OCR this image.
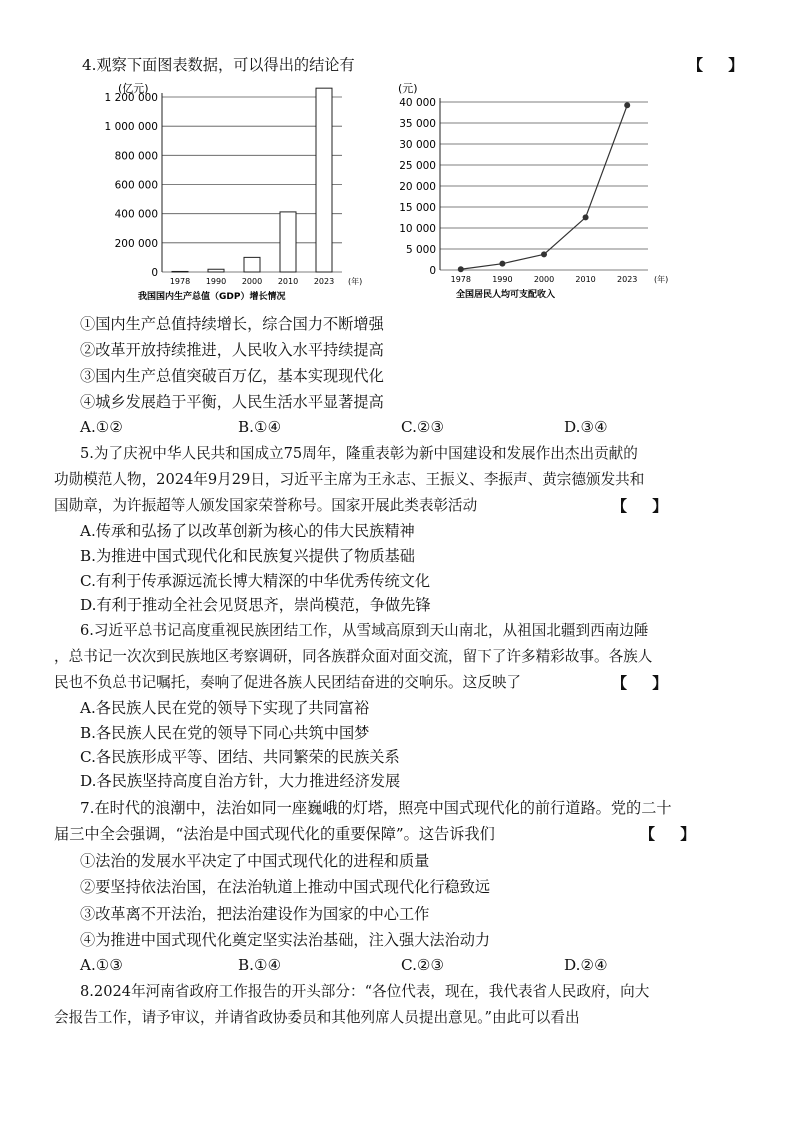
4.观察下面图表数据，可以得出的结论有	【 】
(亿元)
0
200 000
400 000
600 000
800 000
1 000 000
1 200 000
1978 1990 2000 2010 2023 (年)
我国国内生产总值（GDP）增长情况
(元)
0
5 000
10 000
15 000
20 000
25 000
30 000
35 000
40 000
1978	1990	2000	2010	2023 (年)
全国居民人均可支配收入
①国内生产总值持续增长，综合国力不断增强
②改革开放持续推进，人民收入水平持续提高
③国内生产总值突破百万亿，基本实现现代化
④城乡发展趋于平衡，人民生活水平显著提高
A.①②	B.①④	C.②③	D.③④
5.为了庆祝中华人民共和国成立75周年，隆重表彰为新中国建设和发展作出杰出贡献的
功勋模范人物，2024年9月29日，习近平主席为王永志、王振义、李振声、黄宗德颁发共和
国勋章，为许振超等人颁发国家荣誉称号。国家开展此类表彰活动	【 】
A.传承和弘扬了以改革创新为核心的伟大民族精神
B.为推进中国式现代化和民族复兴提供了物质基础
C.有利于传承源远流长博大精深的中华优秀传统文化
D.有利于推动全社会见贤思齐，崇尚模范，争做先锋
6.习近平总书记高度重视民族团结工作，从雪域高原到天山南北，从祖国北疆到西南边陲
，总书记一次次到民族地区考察调研，同各族群众面对面交流，留下了许多精彩故事。各族人
民也不负总书记嘱托，奏响了促进各族人民团结奋进的交响乐。这反映了	【 】
A.各民族人民在党的领导下实现了共同富裕
B.各民族人民在党的领导下同心共筑中国梦
C.各民族形成平等、团结、共同繁荣的民族关系
D.各民族坚持高度自治方针，大力推进经济发展
7.在时代的浪潮中，法治如同一座巍峨的灯塔，照亮中国式现代化的前行道路。党的二十
届三中全会强调，“法治是中国式现代化的重要保障”。这告诉我们	【 】
①法治的发展水平决定了中国式现代化的进程和质量
②要坚持依法治国，在法治轨道上推动中国式现代化行稳致远
③改革离不开法治，把法治建设作为国家的中心工作
④为推进中国式现代化奠定坚实法治基础，注入强大法治动力
A.①③	B.①④	C.②③	D.②④
8.2024年河南省政府工作报告的开头部分：“各位代表，现在，我代表省人民政府，向大
会报告工作，请予审议，并请省政协委员和其他列席人员提出意见。”由此可以看出
